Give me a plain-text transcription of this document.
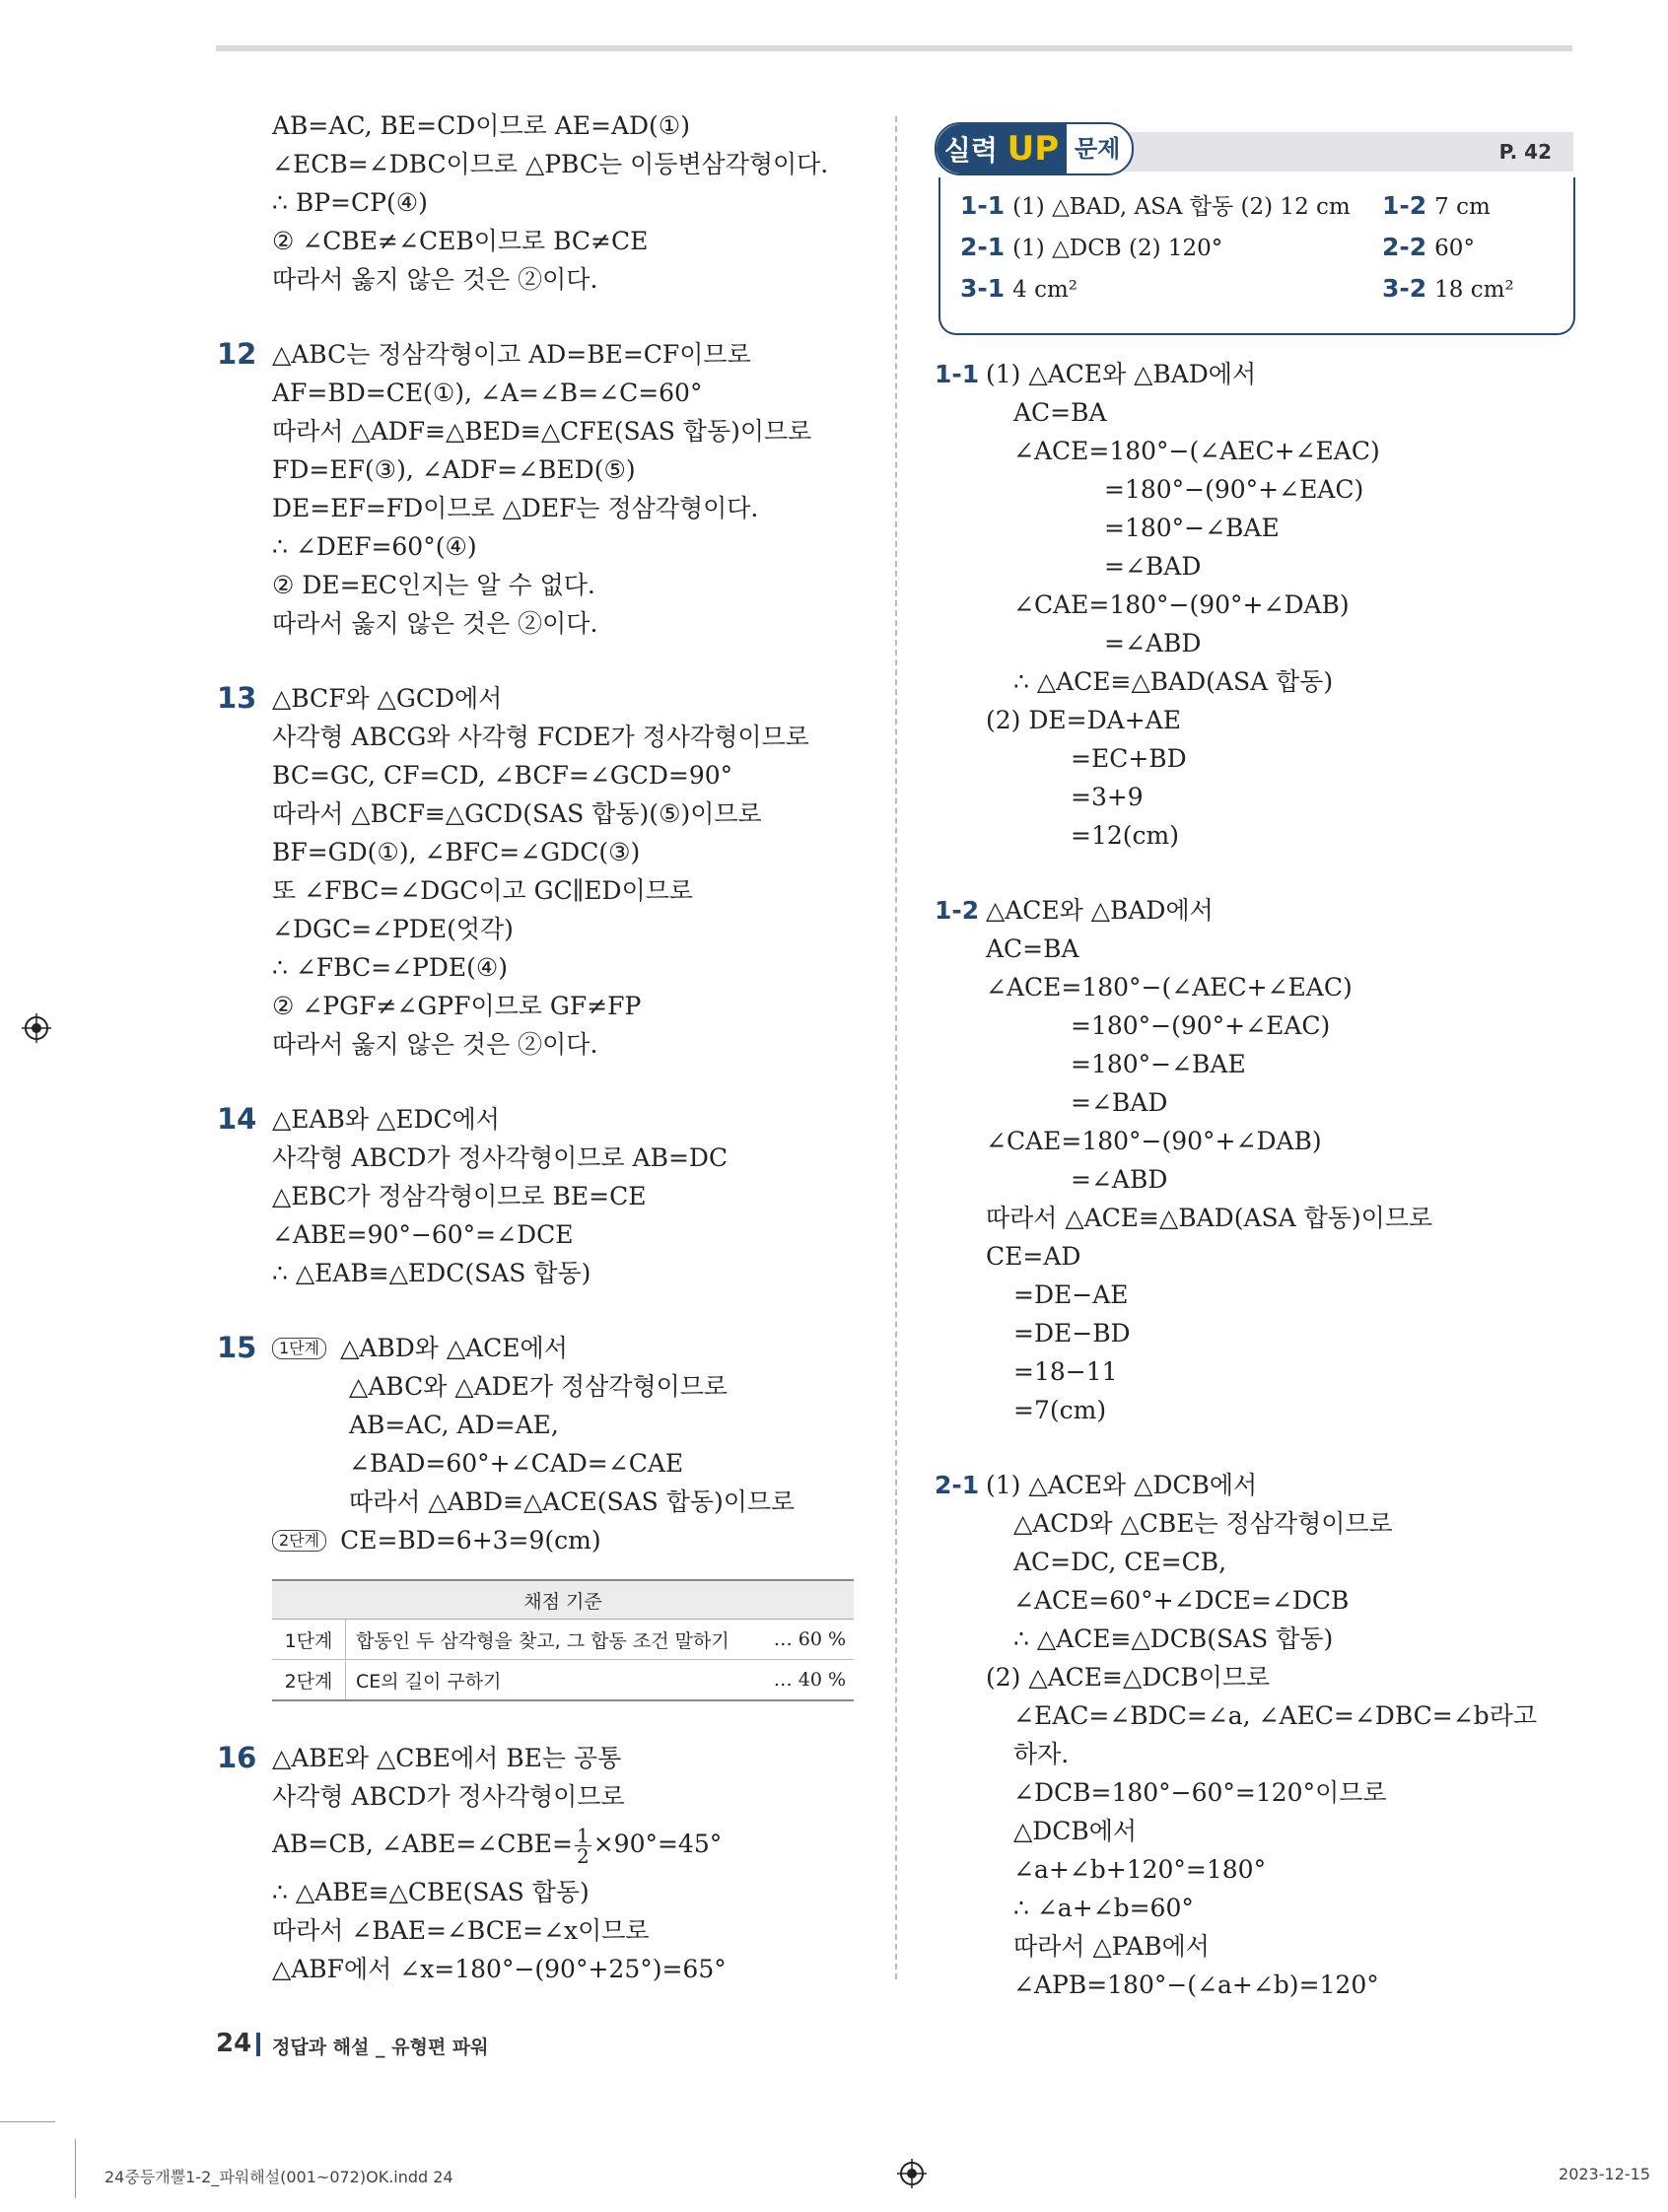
AB=AC, BE=CD이므로 AE=AD(①)
∠ECB=∠DBC이므로 △PBC는 이등변삼각형이다.
∴ BP=CP(④)
② ∠CBE≠∠CEB이므로 BC≠CE
따라서 옳지 않은 것은 ②이다.
12 △ABC는 정삼각형이고 AD=BE=CF이므로
AF=BD=CE(①), ∠A=∠B=∠C=60°
따라서 △ADF≡△BED≡△CFE(SAS 합동)이므로
FD=EF(③), ∠ADF=∠BED(⑤)
DE=EF=FD이므로 △DEF는 정삼각형이다.
∴ ∠DEF=60°(④)
② DE=EC인지는 알 수 없다.
따라서 옳지 않은 것은 ②이다.
13 △BCF와 △GCD에서
사각형 ABCG와 사각형 FCDE가 정사각형이므로
BC=GC, CF=CD, ∠BCF=∠GCD=90°
따라서 △BCF≡△GCD(SAS 합동)(⑤)이므로
BF=GD(①), ∠BFC=∠GDC(③)
또 ∠FBC=∠DGC이고 GC∥ED이므로
∠DGC=∠PDE(엇각)
∴ ∠FBC=∠PDE(④)
② ∠PGF≠∠GPF이므로 GF≠FP
따라서 옳지 않은 것은 ②이다.
14 △EAB와 △EDC에서
사각형 ABCD가 정사각형이므로 AB=DC
△EBC가 정삼각형이므로 BE=CE
∠ABE=90°−60°=∠DCE
∴ △EAB≡△EDC(SAS 합동)
15	1단계 △ABD와 △ACE에서
△ABC와 △ADE가 정삼각형이므로
AB=AC, AD=AE,
∠BAD=60°+∠CAD=∠CAE
따라서 △ABD≡△ACE(SAS 합동)이므로
2단계 CE=BD=6+3=9(cm)
채점 기준		
1단계	합동인 두 삼각형을 찾고, 그 합동 조건 말하기	… 60 %
2단계	CE의 길이 구하기	… 40 %
16 △ABE와 △CBE에서 BE는 공통
사각형 ABCD가 정사각형이므로
AB=CB, ∠ABE=∠CBE= $\frac{1}{2} \times 90^\circ=45^\circ$
∴ △ABE≡△CBE(SAS 합동)
따라서 ∠BAE=∠BCE=∠x이므로
△ABF에서 ∠x=180°−(90°+25°)=65°
실력 UP 문제	P. 42
1-1 (1) △BAD, ASA 합동 (2) 12 cm 1-2 7 cm
2-1 (1) △DCB (2) 120°	2-2 60°
3-1 4 cm²	3-2 18 cm²
1-1 (1) △ACE와 △BAD에서
AC=BA
∠ACE=180°−(∠AEC+∠EAC)
=180°−(90°+∠EAC)
=180°−∠BAE
=∠BAD
∠CAE=180°−(90°+∠DAB)
=∠ABD
∴ △ACE≡△BAD(ASA 합동)
(2) DE=DA+AE
=EC+BD
=3+9
=12(cm)
1-2 △ACE와 △BAD에서
AC=BA
∠ACE=180°−(∠AEC+∠EAC)
=180°−(90°+∠EAC)
=180°−∠BAE
=∠BAD
∠CAE=180°−(90°+∠DAB)
=∠ABD
따라서 △ACE≡△BAD(ASA 합동)이므로
CE=AD
=DE−AE
=DE−BD
=18−11
=7(cm)
2-1 (1) △ACE와 △DCB에서
△ACD와 △CBE는 정삼각형이므로
AC=DC, CE=CB,
∠ACE=60°+∠DCE=∠DCB
∴ △ACE≡△DCB(SAS 합동)
(2) △ACE≡△DCB이므로
∠EAC=∠BDC=∠a, ∠AEC=∠DBC=∠b라고
하자.
∠DCB=180°−60°=120°이므로
△DCB에서
∠a+∠b+120°=180°
∴ ∠a+∠b=60°
따라서 △PAB에서
∠APB=180°−(∠a+∠b)=120°
24 정답과 해설 _ 유형편 파워
24중등개뿔1-2_파워해설(001~072)OK.indd 24	2023-12-15
